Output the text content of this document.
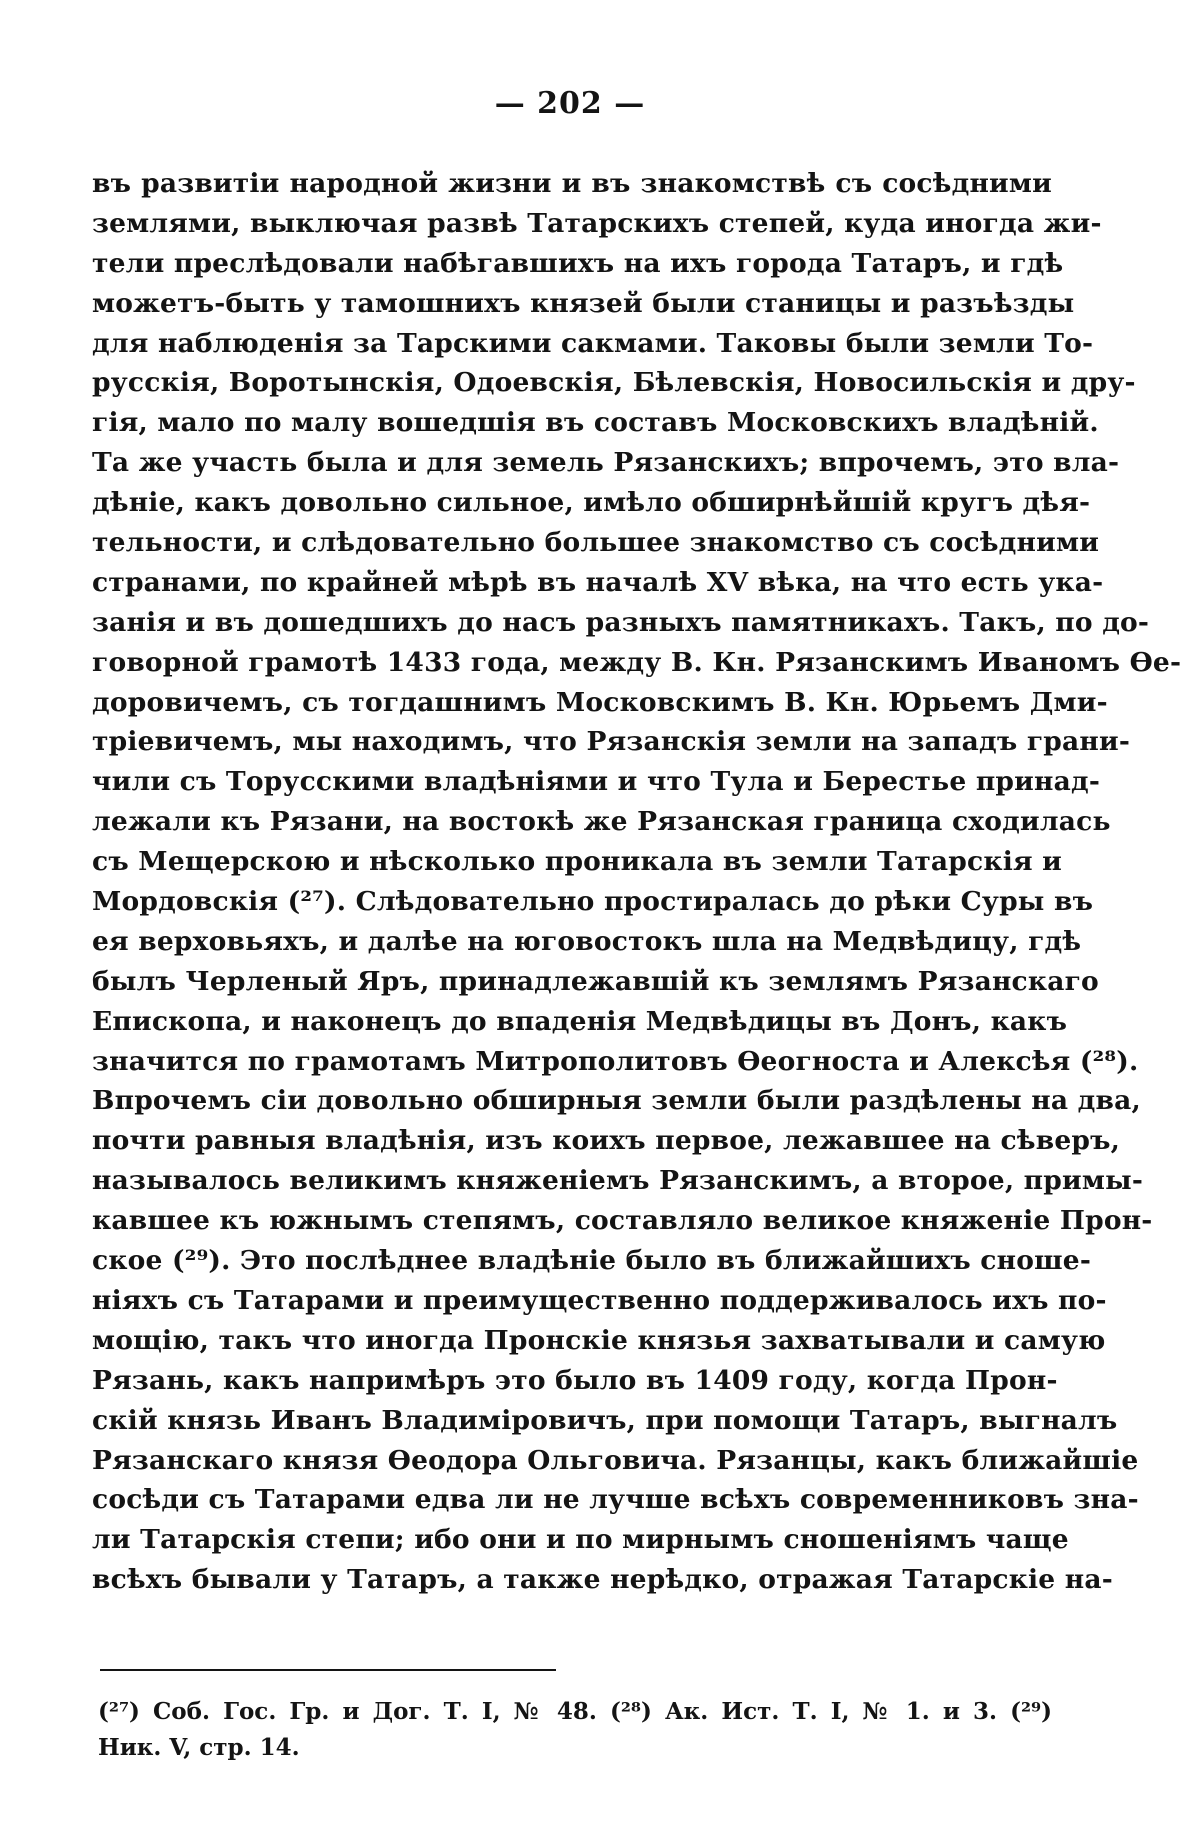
— 202 —
въ развитіи народной жизни и въ знакомствѣ съ сосѣдними
землями, выключая развѣ Татарскихъ степей, куда иногда жи-
тели преслѣдовали набѣгавшихъ на ихъ города Татаръ, и гдѣ
можетъ-быть у тамошнихъ князей были станицы и разъѣзды
для наблюденія за Тарскими сакмами. Таковы были земли То-
русскія, Воротынскія, Одоевскія, Бѣлевскія, Новосильскія и дру-
гія, мало по малу вошедшія въ составъ Московскихъ владѣній.
Та же участь была и для земель Рязанскихъ; впрочемъ, это вла-
дѣніе, какъ довольно сильное, имѣло обширнѣйшій кругъ дѣя-
тельности, и слѣдовательно большее знакомство съ сосѣдними
странами, по крайней мѣрѣ въ началѣ XV вѣка, на что есть ука-
занія и въ дошедшихъ до насъ разныхъ памятникахъ. Такъ, по до-
говорной грамотѣ 1433 года, между В. Кн. Рязанскимъ Иваномъ Ѳе-
доровичемъ, съ тогдашнимъ Московскимъ В. Кн. Юрьемъ Дми-
тріевичемъ, мы находимъ, что Рязанскія земли на западъ грани-
чили съ Торусскими владѣніями и что Тула и Берестье принад-
лежали къ Рязани, на востокѣ же Рязанская граница сходилась
съ Мещерскою и нѣсколько проникала въ земли Татарскія и
Мордовскія (²⁷). Слѣдовательно простиралась до рѣки Суры въ
ея верховьяхъ, и далѣе на юговостокъ шла на Медвѣдицу, гдѣ
былъ Черленый Яръ, принадлежавшій къ землямъ Рязанскаго
Епископа, и наконецъ до впаденія Медвѣдицы въ Донъ, какъ
значится по грамотамъ Митрополитовъ Ѳеогноста и Алексѣя (²⁸).
Впрочемъ сіи довольно обширныя земли были раздѣлены на два,
почти равныя владѣнія, изъ коихъ первое, лежавшее на сѣверъ,
называлось великимъ княженіемъ Рязанскимъ, а второе, примы-
кавшее къ южнымъ степямъ, составляло великое княженіе Прон-
ское (²⁹). Это послѣднее владѣніе было въ ближайшихъ сноше-
ніяхъ съ Татарами и преимущественно поддерживалось ихъ по-
мощію, такъ что иногда Пронскіе князья захватывали и самую
Рязань, какъ напримѣръ это было въ 1409 году, когда Прон-
скій князь Иванъ Владиміровичъ, при помощи Татаръ, выгналъ
Рязанскаго князя Ѳеодора Ольговича. Рязанцы, какъ ближайшіе
сосѣди съ Татарами едва ли не лучше всѣхъ современниковъ зна-
ли Татарскія степи; ибо они и по мирнымъ сношеніямъ чаще
всѣхъ бывали у Татаръ, а также нерѣдко, отражая Татарскіе на-
(²⁷) Соб. Гос. Гр. и Дог. Т. I, № 48. (²⁸) Ак. Ист. Т. I, № 1. и 3. (²⁹)
Ник. V, стр. 14.
